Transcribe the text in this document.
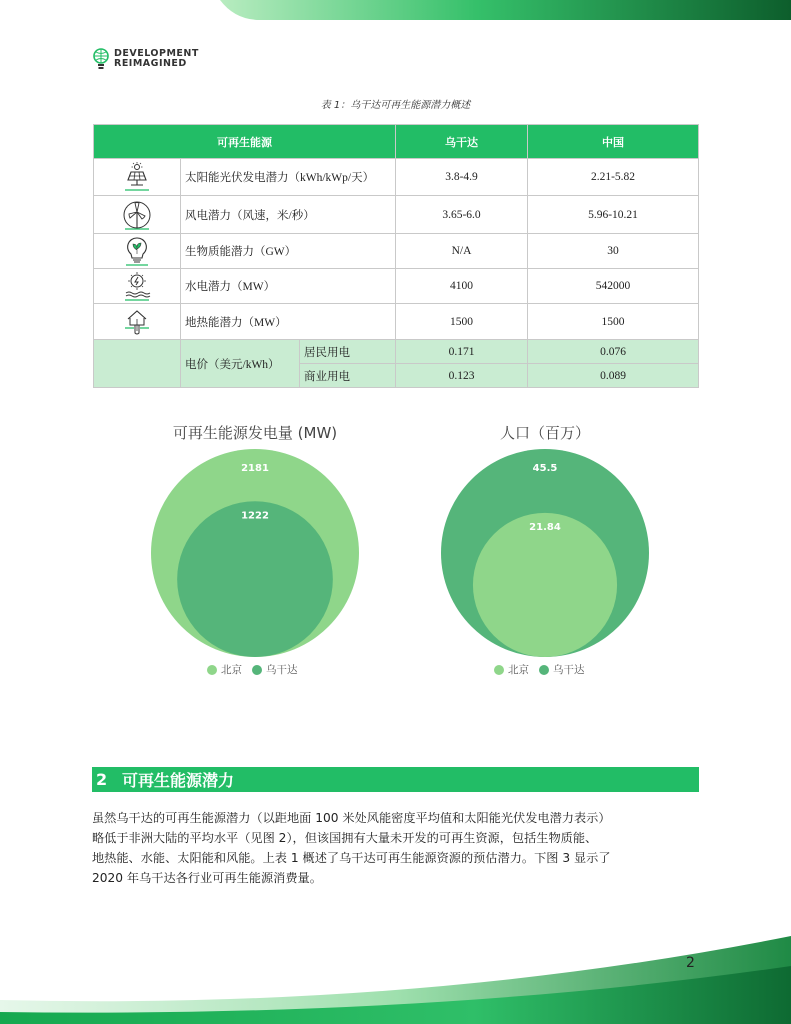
DEVELOPMENT
REIMAGINED
表 1：乌干达可再生能源潜力概述
可再生能源			乌干达	中国

	太阳能光伏发电潜力（kWh/kWp/天）		3.8-4.9	2.21-5.82

	风电潜力（风速，米/秒）		3.65-6.0	5.96-10.21

	生物质能潜力（GW）		N/A	30

	水电潜力（MW）		4100	542000

	地热能潜力（MW）		1500	1500
	电价（美元/kWh）	居民用电	0.171	0.076
		商业用电	0.123	0.089
可再生能源发电量 (MW)
2181
1222
北京 乌干达
人口（百万）
45.5
21.84
北京 乌干达
2 可再生能源潜力
虽然乌干达的可再生能源潜力（以距地面 100 米处风能密度平均值和太阳能光伏发电潜力表示）
略低于非洲大陆的平均水平（见图 2），但该国拥有大量未开发的可再生资源，包括生物质能、
地热能、水能、太阳能和风能。上表 1 概述了乌干达可再生能源资源的预估潜力。下图 3 显示了
2020 年乌干达各行业可再生能源消费量。
2
